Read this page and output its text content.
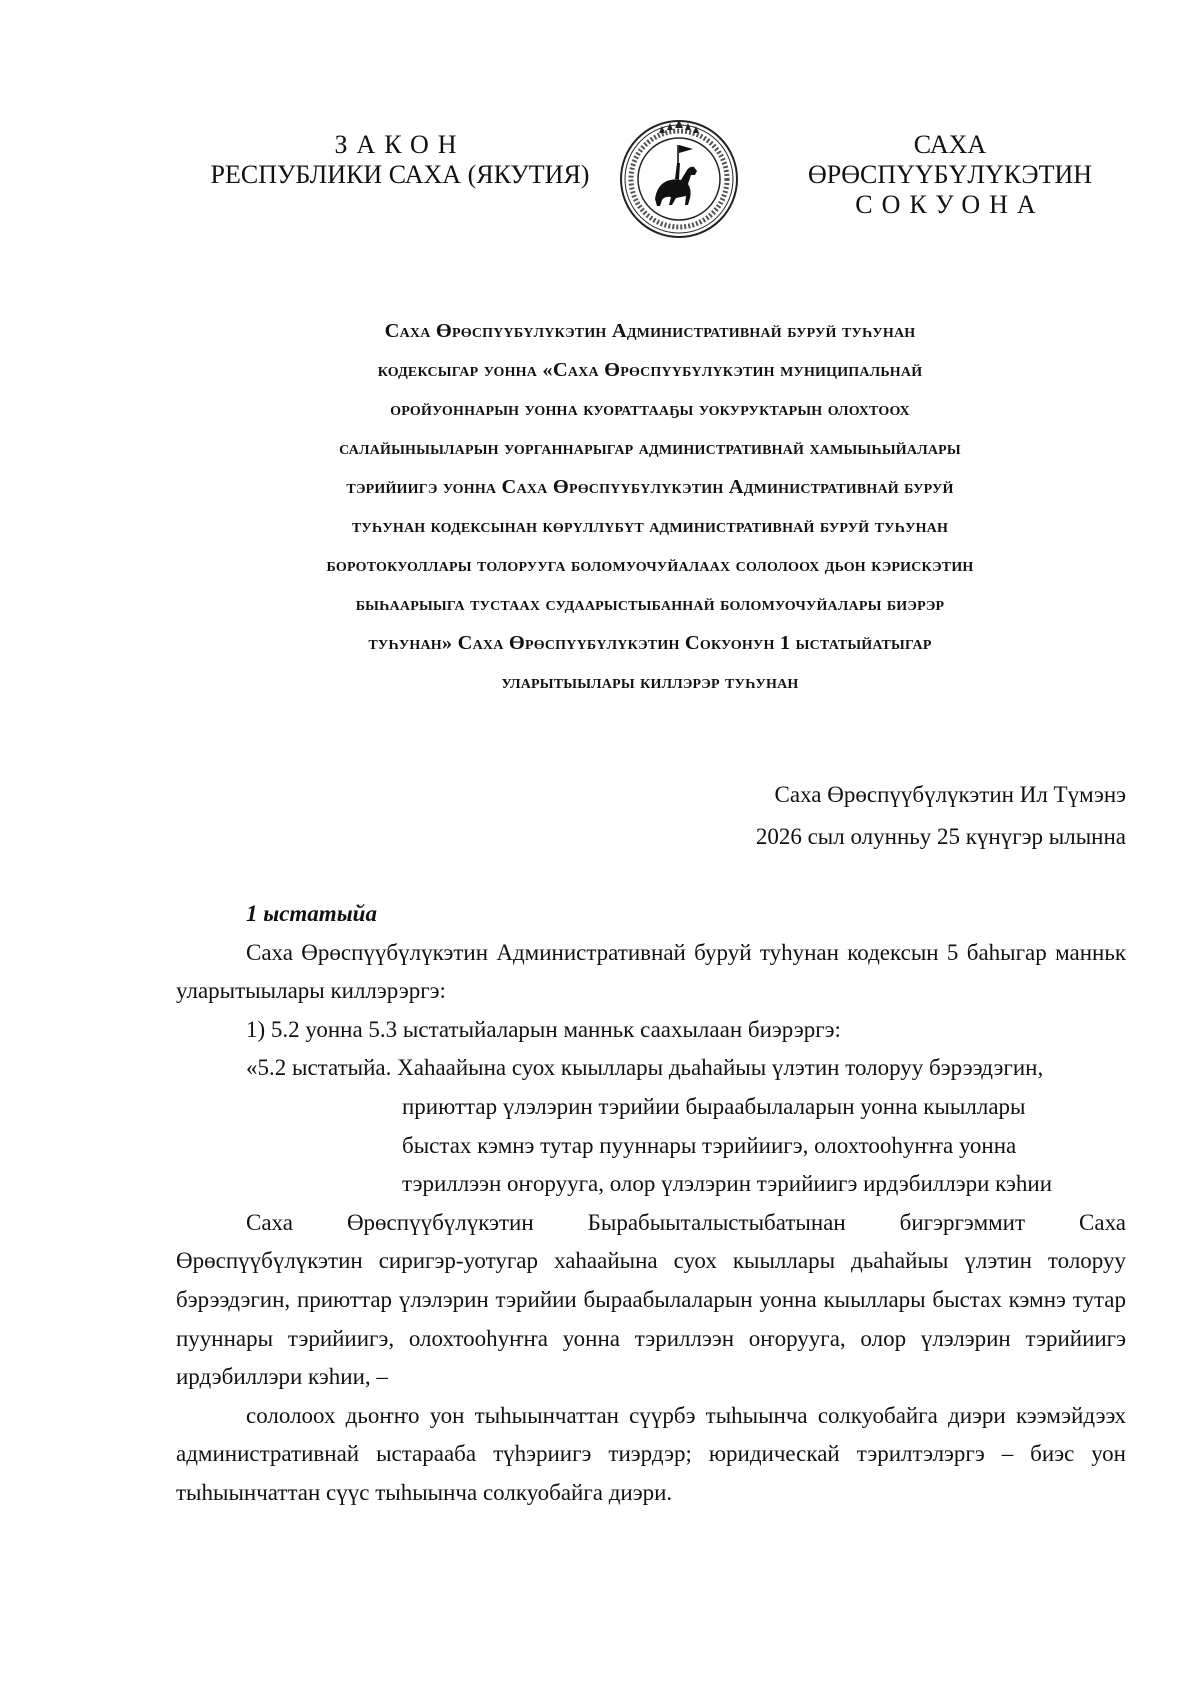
ЗАКОН
РЕСПУБЛИКИ САХА (ЯКУТИЯ)
САХА ӨРӨСПҮҮБҮЛҮКЭТИН
СОКУОНА

Саха Өрөспүүбүлүкэтин Административнай буруй туһунан

кодексыгар уонна «Саха Өрөспүүбүлүкэтин муниципальнай

оройуоннарын уонна куораттааҕы уокуруктарын олохтоох

салайыныыларын уорганнарыгар административнай хамыыһыйалары

тэрийиигэ уонна Саха Өрөспүүбүлүкэтин Административнай буруй

туһунан кодексынан көрүллүбүт административнай буруй туһунан

боротокуоллары толорууга боломуочуйалаах сололоох дьон кэрискэтин

быһаарыыга тустаах судаарыстыбаннай боломуочуйалары биэрэр

туһунан» Саха Өрөспүүбүлүкэтин Сокуонун 1 ыстатыйатыгар

уларытыылары киллэрэр туһунан

Саха Өрөспүүбүлүкэтин Ил Түмэнэ

2026 сыл олунньу 25 күнүгэр ылынна

1 ыстатыйа

Саха Өрөспүүбүлүкэтин Административнай буруй туһунан кодексын 5 баһыгар манньк уларытыылары киллэрэргэ:

1) 5.2 уонна 5.3 ыстатыйаларын манньк саахылаан биэрэргэ:

«5.2 ыстатыйа. Хаһаайына суох кыыллары дьаһайыы үлэтин толоруу бэрээдэгин,

приюттар үлэлэрин тэрийии быраабылаларын уонна кыыллары

быстах кэмнэ тутар пууннары тэрийиигэ, олохтооһуҥҥа уонна

тэриллээн оҥорууга, олор үлэлэрин тэрийиигэ ирдэбиллэри кэһии

Саха Өрөспүүбүлүкэтин Бырабыыталыстыбатынан бигэргэммит Саха

Өрөспүүбүлүкэтин сиригэр-уотугар хаһаайына суох кыыллары дьаһайыы үлэтин толоруу бэрээдэгин, приюттар үлэлэрин тэрийии быраабылаларын уонна кыыллары быстах кэмнэ тутар пууннары тэрийиигэ, олохтооһуҥҥа уонна тэриллээн оҥорууга, олор үлэлэрин тэрийиигэ ирдэбиллэри кэһии, –

сололоох дьоҥҥо уон тыһыынчаттан сүүрбэ тыһыынча солкуобайга диэри кээмэйдээх административнай ыстарааба түһэриигэ тиэрдэр; юридическай тэрилтэлэргэ – биэс уон тыһыынчаттан сүүс тыһыынча солкуобайга диэри.
